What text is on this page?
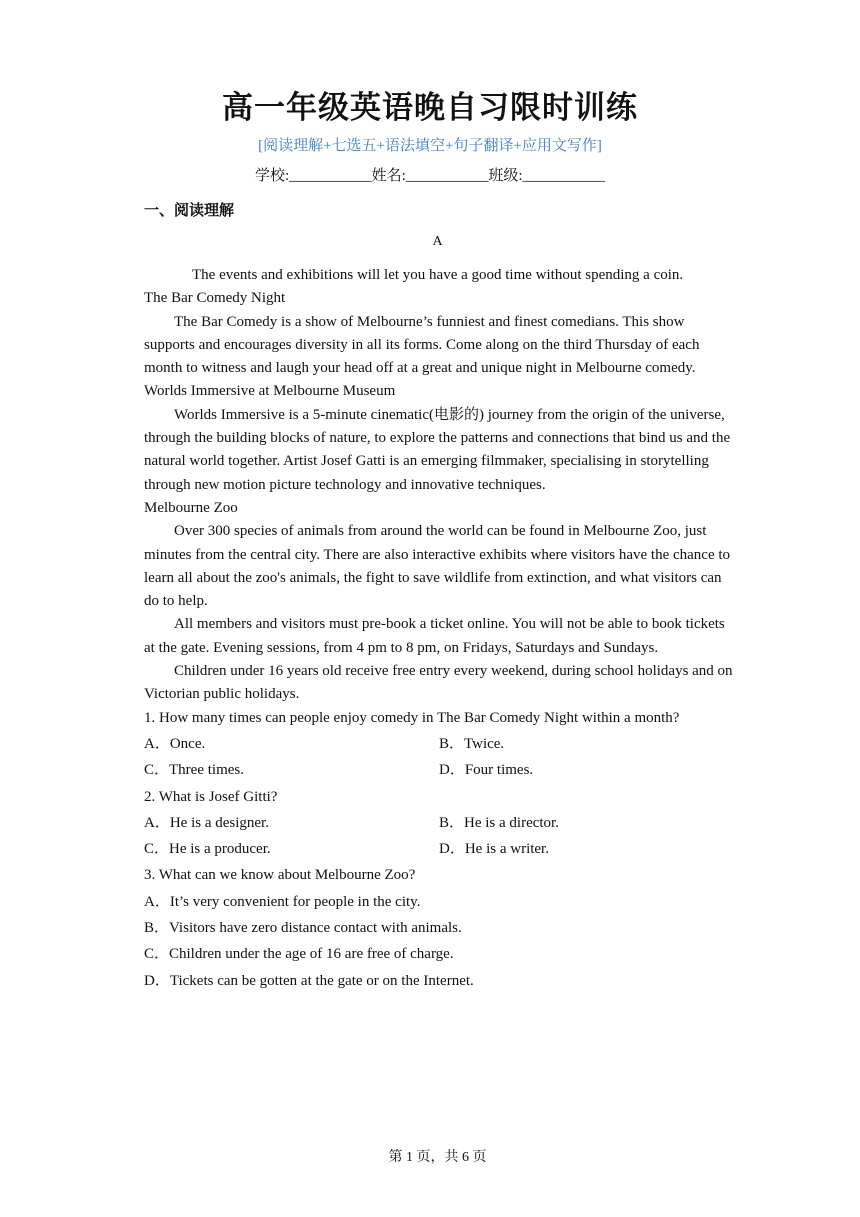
高一年级英语晚自习限时训练
[阅读理解+七选五+语法填空+句子翻译+应用文写作]
学校:___________姓名:___________班级:___________
一、阅读理解
A

The events and exhibitions will let you have a good time without spending a coin.

The Bar Comedy Night

The Bar Comedy is a show of Melbourne’s funniest and finest comedians. This show supports and encourages diversity in all its forms. Come along on the third Thursday of each month to witness and laugh your head off at a great and unique night in Melbourne comedy.

Worlds Immersive at Melbourne Museum

Worlds Immersive is a 5-minute cinematic(电影的) journey from the origin of the universe, through the building blocks of nature, to explore the patterns and connections that bind us and the natural world together. Artist Josef Gatti is an emerging filmmaker, specialising in storytelling through new motion picture technology and innovative techniques.

Melbourne Zoo

Over 300 species of animals from around the world can be found in Melbourne Zoo, just minutes from the central city. There are also interactive exhibits where visitors have the chance to learn all about the zoo's animals, the fight to save wildlife from extinction, and what visitors can do to help.

All members and visitors must pre-book a ticket online. You will not be able to book tickets at the gate. Evening sessions, from 4 pm to 8 pm, on Fridays, Saturdays and Sundays.

Children under 16 years old receive free entry every weekend, during school holidays and on Victorian public holidays.

1. How many times can people enjoy comedy in The Bar Comedy Night within a month?

A．Once.	B．Twice.
C．Three times.	D．Four times.

2. What is Josef Gitti?

A．He is a designer.	B．He is a director.
C．He is a producer.	D．He is a writer.

3. What can we know about Melbourne Zoo?

A．It’s very convenient for people in the city.
B．Visitors have zero distance contact with animals.
C．Children under the age of 16 are free of charge.
D．Tickets can be gotten at the gate or on the Internet.
第 1 页，共 6 页
